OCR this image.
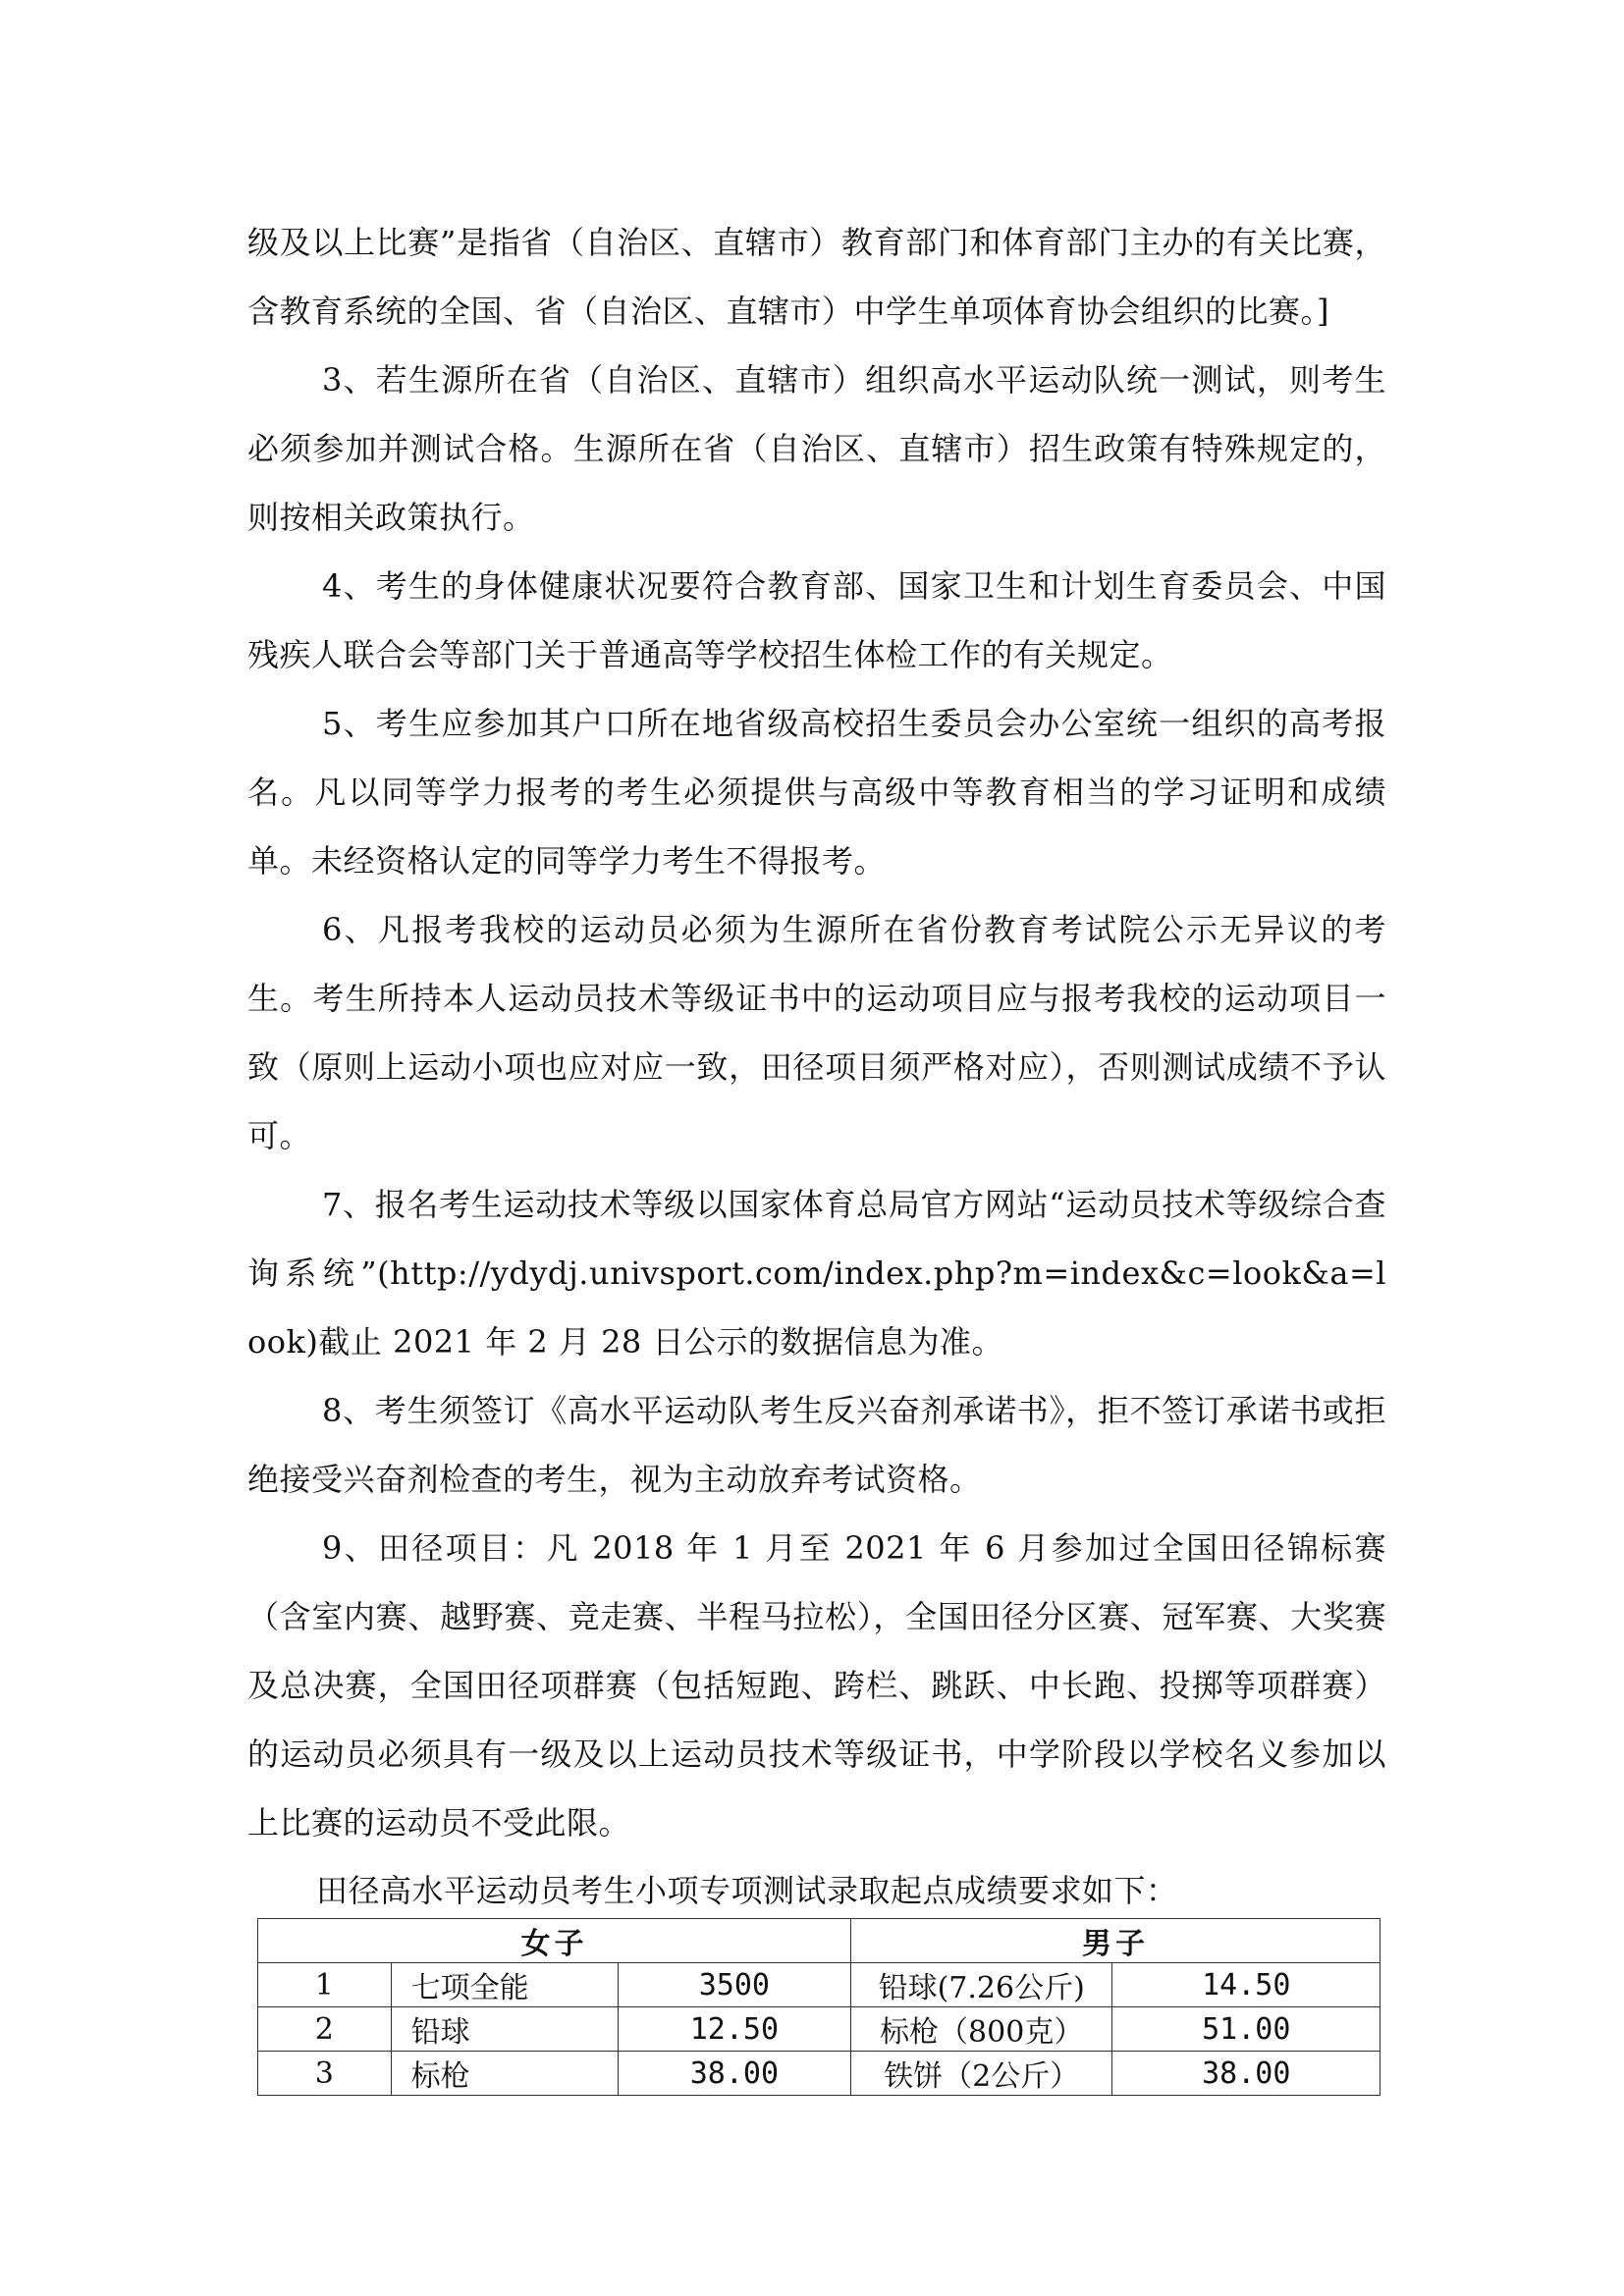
级及以上比赛”是指省（自治区、直辖市）教育部门和体育部门主办的有关比赛，含教育系统的全国、省（自治区、直辖市）中学生单项体育协会组织的比赛。]

3、若生源所在省（自治区、直辖市）组织高水平运动队统一测试，则考生必须参加并测试合格。生源所在省（自治区、直辖市）招生政策有特殊规定的，则按相关政策执行。

4、考生的身体健康状况要符合教育部、国家卫生和计划生育委员会、中国残疾人联合会等部门关于普通高等学校招生体检工作的有关规定。

5、考生应参加其户口所在地省级高校招生委员会办公室统一组织的高考报名。凡以同等学力报考的考生必须提供与高级中等教育相当的学习证明和成绩单。未经资格认定的同等学力考生不得报考。

6、凡报考我校的运动员必须为生源所在省份教育考试院公示无异议的考生。考生所持本人运动员技术等级证书中的运动项目应与报考我校的运动项目一致（原则上运动小项也应对应一致，田径项目须严格对应），否则测试成绩不予认可。

7、报名考生运动技术等级以国家体育总局官方网站“运动员技术等级综合查询系统”(http://ydydj.univsport.com/index.php?m=index&c=look&a=look)截止 2021 年 2 月 28 日公示的数据信息为准。

8、考生须签订《高水平运动队考生反兴奋剂承诺书》，拒不签订承诺书或拒绝接受兴奋剂检查的考生，视为主动放弃考试资格。

9、田径项目：凡 2018 年 1 月至 2021 年 6 月参加过全国田径锦标赛（含室内赛、越野赛、竞走赛、半程马拉松），全国田径分区赛、冠军赛、大奖赛及总决赛，全国田径项群赛（包括短跑、跨栏、跳跃、中长跑、投掷等项群赛）的运动员必须具有一级及以上运动员技术等级证书，中学阶段以学校名义参加以上比赛的运动员不受此限。

田径高水平运动员考生小项专项测试录取起点成绩要求如下：
女子			男子	
1	七项全能	3500	铅球(7.26公斤)	14.50
2	铅球	12.50	标枪（800克）	51.00
3	标枪	38.00	铁饼（2公斤）	38.00
